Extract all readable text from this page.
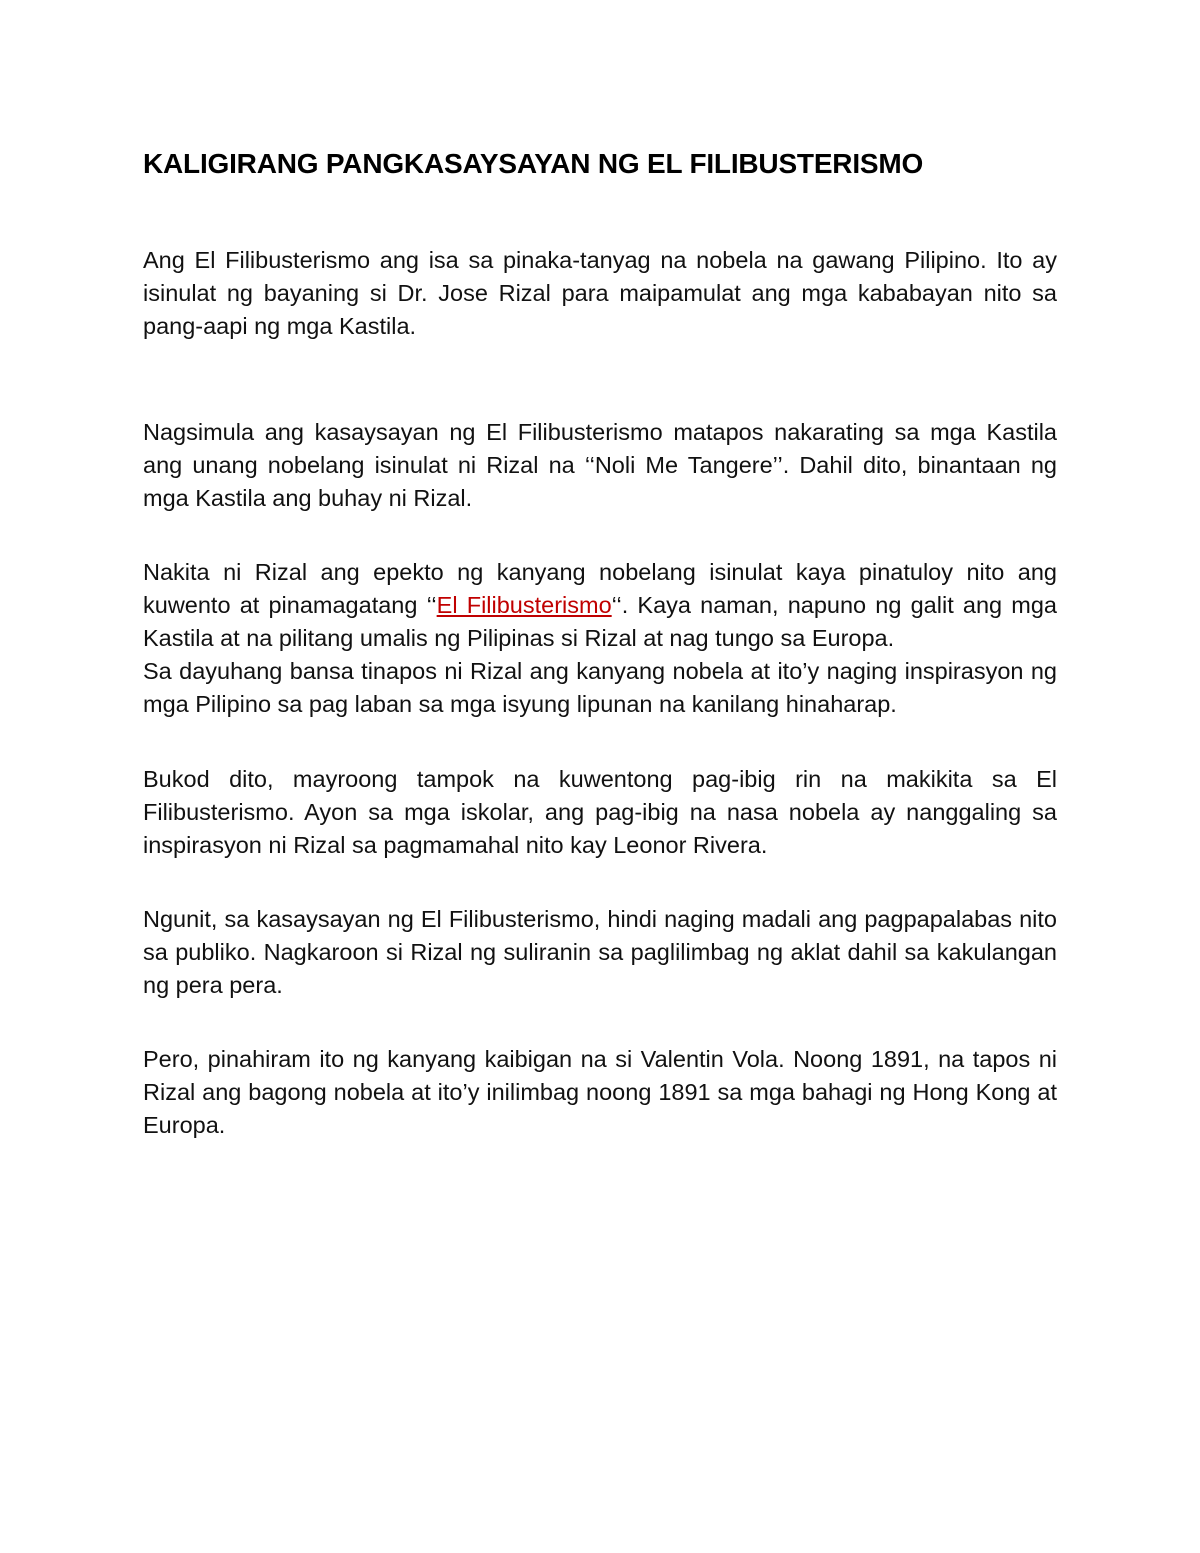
KALIGIRANG PANGKASAYSAYAN NG EL FILIBUSTERISMO

Ang El Filibusterismo ang isa sa pinaka-tanyag na nobela na gawang Pilipino. Ito ay isinulat ng bayaning si Dr. Jose Rizal para maipamulat ang mga kababayan nito sa pang-aapi ng mga Kastila.

Nagsimula ang kasaysayan ng El Filibusterismo matapos nakarating sa mga Kastila ang unang nobelang isinulat ni Rizal na ‘‘Noli Me Tangere’’. Dahil dito, binantaan ng mga Kastila ang buhay ni Rizal.

Nakita ni Rizal ang epekto ng kanyang nobelang isinulat kaya pinatuloy nito ang kuwento at pinamagatang ‘‘El Filibusterismo‘‘. Kaya naman, napuno ng galit ang mga Kastila at na pilitang umalis ng Pilipinas si Rizal at nag tungo sa Europa.

Sa dayuhang bansa tinapos ni Rizal ang kanyang nobela at ito’y naging inspirasyon ng mga Pilipino sa pag laban sa mga isyung lipunan na kanilang hinaharap.

Bukod dito, mayroong tampok na kuwentong pag-ibig rin na makikita sa El Filibusterismo. Ayon sa mga iskolar, ang pag-ibig na nasa nobela ay nanggaling sa inspirasyon ni Rizal sa pagmamahal nito kay Leonor Rivera.

Ngunit, sa kasaysayan ng El Filibusterismo, hindi naging madali ang pagpapalabas nito sa publiko. Nagkaroon si Rizal ng suliranin sa paglilimbag ng aklat dahil sa kakulangan ng pera pera.

Pero, pinahiram ito ng kanyang kaibigan na si Valentin Vola. Noong 1891, na tapos ni Rizal ang bagong nobela at ito’y inilimbag noong 1891 sa mga bahagi ng Hong Kong at Europa.
